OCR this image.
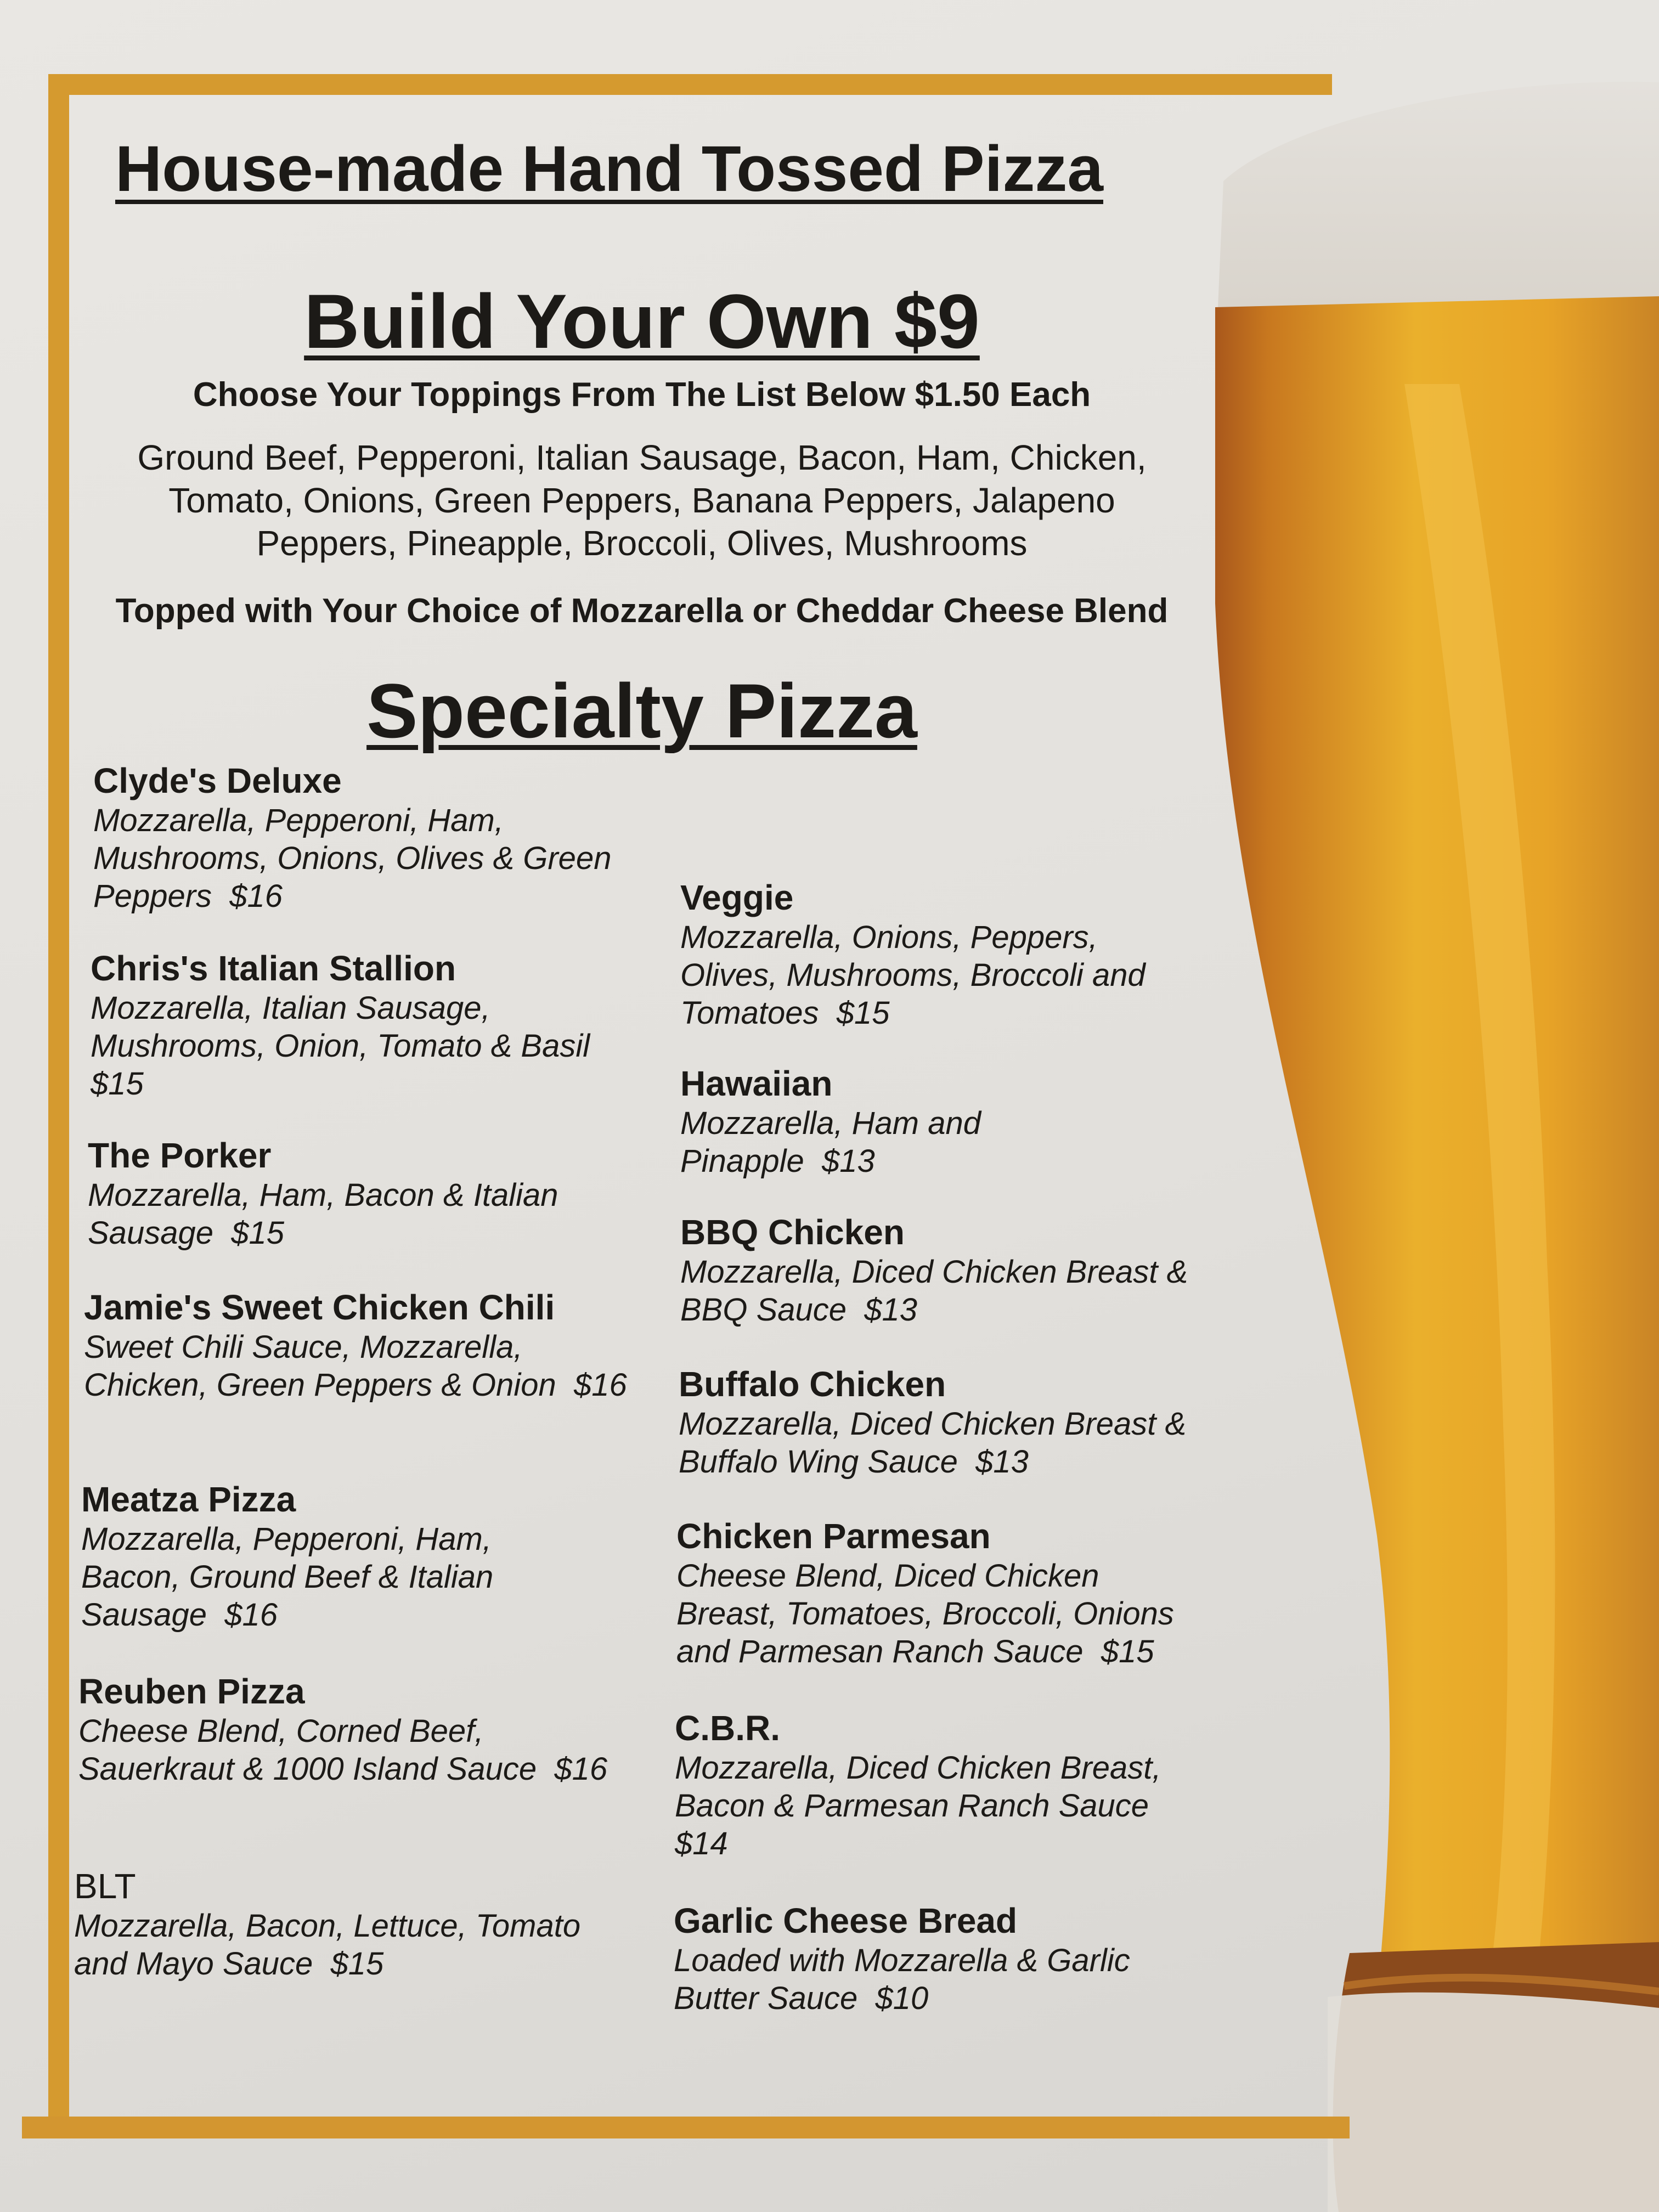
House-made Hand Tossed Pizza
Build Your Own $9

Choose Your Toppings From The List Below $1.50 Each

Ground Beef, Pepperoni, Italian Sausage, Bacon, Ham, Chicken,
Tomato, Onions, Green Peppers, Banana Peppers, Jalapeno
Peppers, Pineapple, Broccoli, Olives, Mushrooms

Topped with Your Choice of Mozzarella or Cheddar Cheese Blend

Specialty Pizza

Clyde's Deluxe

Mozzarella, Pepperoni, Ham, Mushrooms, Onions, Olives & Green Peppers $16

Chris's Italian Stallion

Mozzarella, Italian Sausage, Mushrooms, Onion, Tomato & Basil  $15

The Porker

Mozzarella, Ham, Bacon & Italian Sausage $15

Jamie's Sweet Chicken Chili

Sweet Chili Sauce, Mozzarella, Chicken, Green Peppers & Onion $16

Meatza Pizza

Mozzarella, Pepperoni, Ham, Bacon, Ground Beef & Italian Sausage $16

Reuben Pizza

Cheese Blend, Corned Beef, Sauerkraut & 1000 Island Sauce $16

BLT

Mozzarella, Bacon, Lettuce, Tomato and Mayo Sauce $15

Veggie

Mozzarella, Onions, Peppers, Olives, Mushrooms, Broccoli and Tomatoes $15

Hawaiian

Mozzarella, Ham and Pinapple $13

BBQ Chicken

Mozzarella, Diced Chicken Breast & BBQ Sauce $13

Buffalo Chicken

Mozzarella, Diced Chicken Breast & Buffalo Wing Sauce $13

Chicken Parmesan

Cheese Blend, Diced Chicken Breast, Tomatoes, Broccoli, Onions and Parmesan Ranch Sauce $15

C.B.R.

Mozzarella, Diced Chicken Breast, Bacon & Parmesan Ranch Sauce  $14

Garlic Cheese Bread

Loaded with Mozzarella & Garlic Butter Sauce $10
